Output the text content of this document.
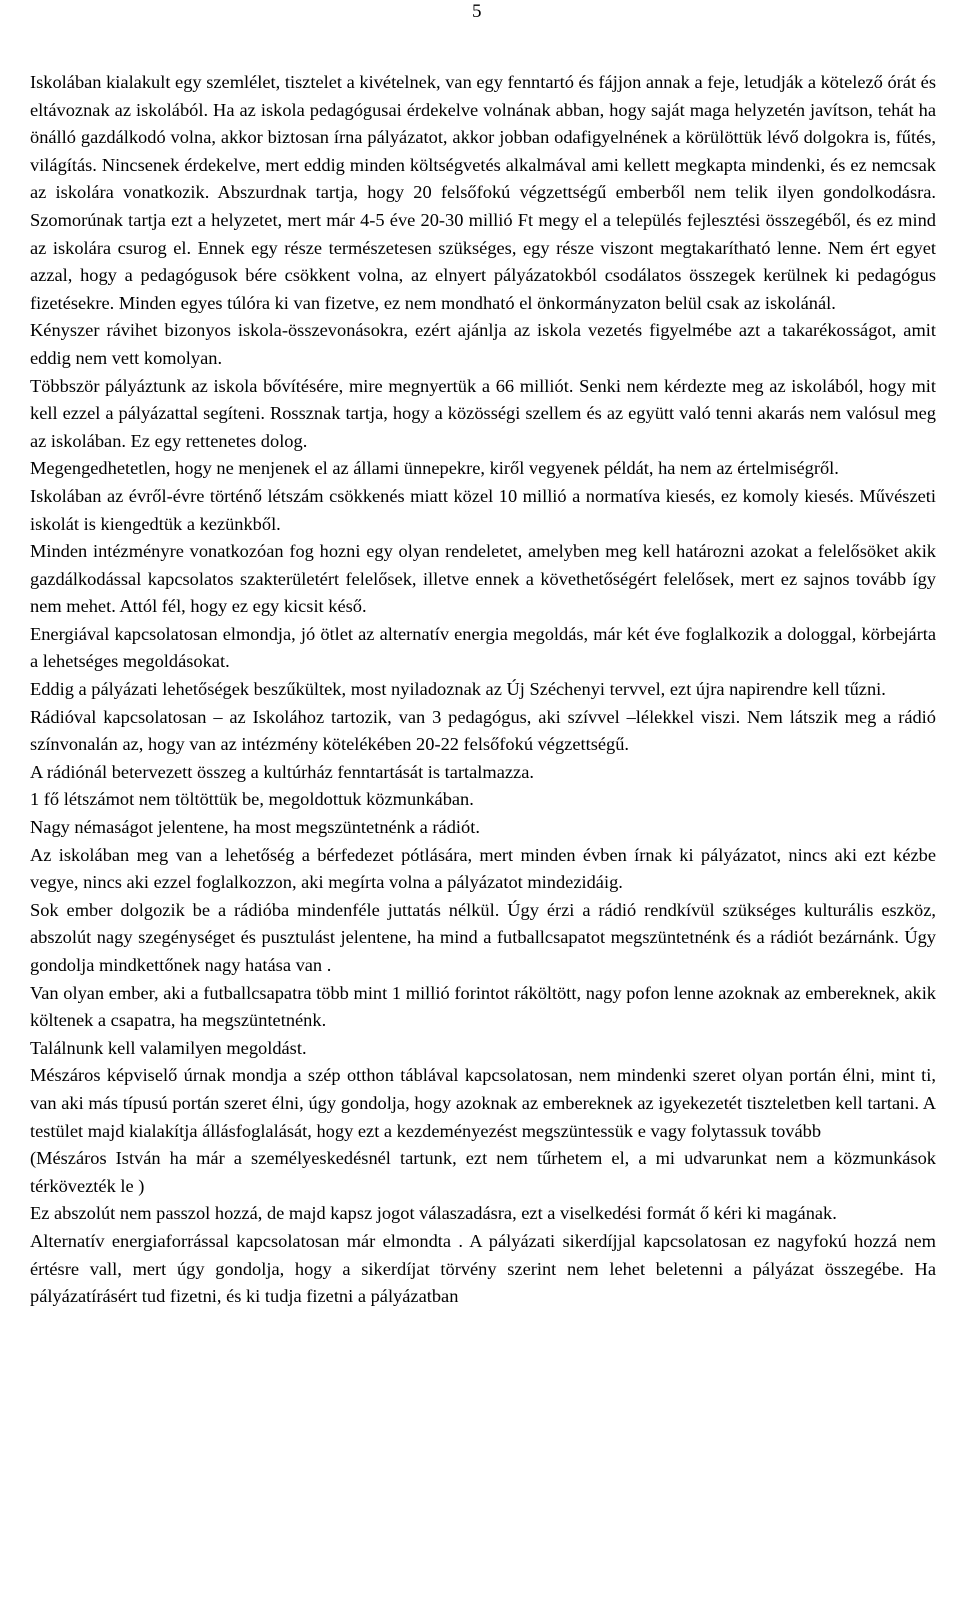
5

Iskolában kialakult egy szemlélet, tisztelet a kivételnek, van egy fenntartó és fájjon annak a feje, letudják a kötelező órát és eltávoznak az iskolából. Ha az iskola pedagógusai érdekelve volnának abban, hogy saját maga helyzetén javítson, tehát ha önálló gazdálkodó volna, akkor biztosan írna pályázatot, akkor jobban odafigyelnének a körülöttük lévő dolgokra is, fűtés, világítás. Nincsenek érdekelve, mert eddig minden költségvetés alkalmával ami kellett megkapta mindenki, és ez nemcsak az iskolára vonatkozik. Abszurdnak tartja, hogy 20 felsőfokú végzettségű emberből nem telik ilyen gondolkodásra. Szomorúnak tartja ezt a helyzetet, mert már 4-5 éve 20-30 millió Ft megy el a település fejlesztési összegéből, és ez mind az iskolára csurog el. Ennek egy része természetesen szükséges, egy része viszont megtakarítható lenne. Nem ért egyet azzal, hogy a pedagógusok bére csökkent volna, az elnyert pályázatokból csodálatos összegek kerülnek ki pedagógus fizetésekre. Minden egyes túlóra ki van fizetve, ez nem mondható el önkormányzaton belül csak az iskolánál.

Kényszer rávihet bizonyos iskola-összevonásokra, ezért ajánlja az iskola vezetés figyelmébe azt a takarékosságot, amit eddig nem vett komolyan.

Többször pályáztunk az iskola bővítésére, mire megnyertük a 66 milliót. Senki nem kérdezte meg az iskolából, hogy mit kell ezzel a pályázattal segíteni. Rossznak tartja, hogy a közösségi szellem és az együtt való tenni akarás nem valósul meg az iskolában. Ez egy rettenetes dolog.

Megengedhetetlen, hogy ne menjenek el az állami ünnepekre, kiről vegyenek példát, ha nem az értelmiségről.

Iskolában az évről-évre történő létszám csökkenés miatt közel 10 millió a normatíva kiesés, ez komoly kiesés. Művészeti iskolát is kiengedtük a kezünkből.

Minden intézményre vonatkozóan fog hozni egy olyan rendeletet, amelyben meg kell határozni azokat a felelősöket akik gazdálkodással kapcsolatos szakterületért felelősek, illetve ennek a követhetőségért felelősek, mert ez sajnos tovább így nem mehet. Attól fél, hogy ez egy kicsit késő.

Energiával kapcsolatosan elmondja, jó ötlet az alternatív energia megoldás, már két éve foglalkozik a dologgal, körbejárta a lehetséges megoldásokat.

Eddig a pályázati lehetőségek beszűkültek, most nyiladoznak az Új Széchenyi tervvel, ezt újra napirendre kell tűzni.

Rádióval kapcsolatosan – az Iskolához tartozik, van 3 pedagógus, aki szívvel –lélekkel viszi. Nem látszik meg a rádió színvonalán az, hogy van az intézmény kötelékében 20-22 felsőfokú végzettségű.

A rádiónál betervezett összeg a kultúrház fenntartását is tartalmazza.

1 fő létszámot nem töltöttük be, megoldottuk közmunkában.

Nagy némaságot jelentene, ha most megszüntetnénk a rádiót.

Az iskolában meg van a lehetőség a bérfedezet pótlására, mert minden évben írnak ki pályázatot, nincs aki ezt kézbe vegye, nincs aki ezzel foglalkozzon, aki megírta volna a pályázatot mindezidáig.

Sok ember dolgozik be a rádióba mindenféle juttatás nélkül. Úgy érzi a rádió rendkívül szükséges kulturális eszköz, abszolút nagy szegénységet és pusztulást jelentene, ha mind a futballcsapatot megszüntetnénk és a rádiót bezárnánk. Úgy gondolja mindkettőnek nagy hatása van .

Van olyan ember, aki a futballcsapatra több mint 1 millió forintot ráköltött, nagy pofon lenne azoknak az embereknek, akik költenek a csapatra, ha megszüntetnénk.

Találnunk kell valamilyen megoldást.

Mészáros képviselő úrnak mondja a szép otthon táblával kapcsolatosan, nem mindenki szeret olyan portán élni, mint ti, van aki más típusú portán szeret élni, úgy gondolja, hogy azoknak az embereknek az igyekezetét tiszteletben kell tartani. A testület majd kialakítja állásfoglalását, hogy ezt a kezdeményezést megszüntessük e vagy folytassuk tovább

(Mészáros István ha már a személyeskedésnél tartunk, ezt nem tűrhetem el, a mi udvarunkat nem a közmunkások térkövezték le )

Ez abszolút nem passzol hozzá, de majd kapsz jogot válaszadásra, ezt a viselkedési formát ő kéri ki magának.

Alternatív energiaforrással kapcsolatosan már elmondta . A pályázati sikerdíjjal kapcsolatosan ez nagyfokú hozzá nem értésre vall, mert úgy gondolja, hogy a sikerdíjat törvény szerint nem lehet beletenni a pályázat összegébe. Ha pályázatírásért tud fizetni, és ki tudja fizetni a pályázatban
